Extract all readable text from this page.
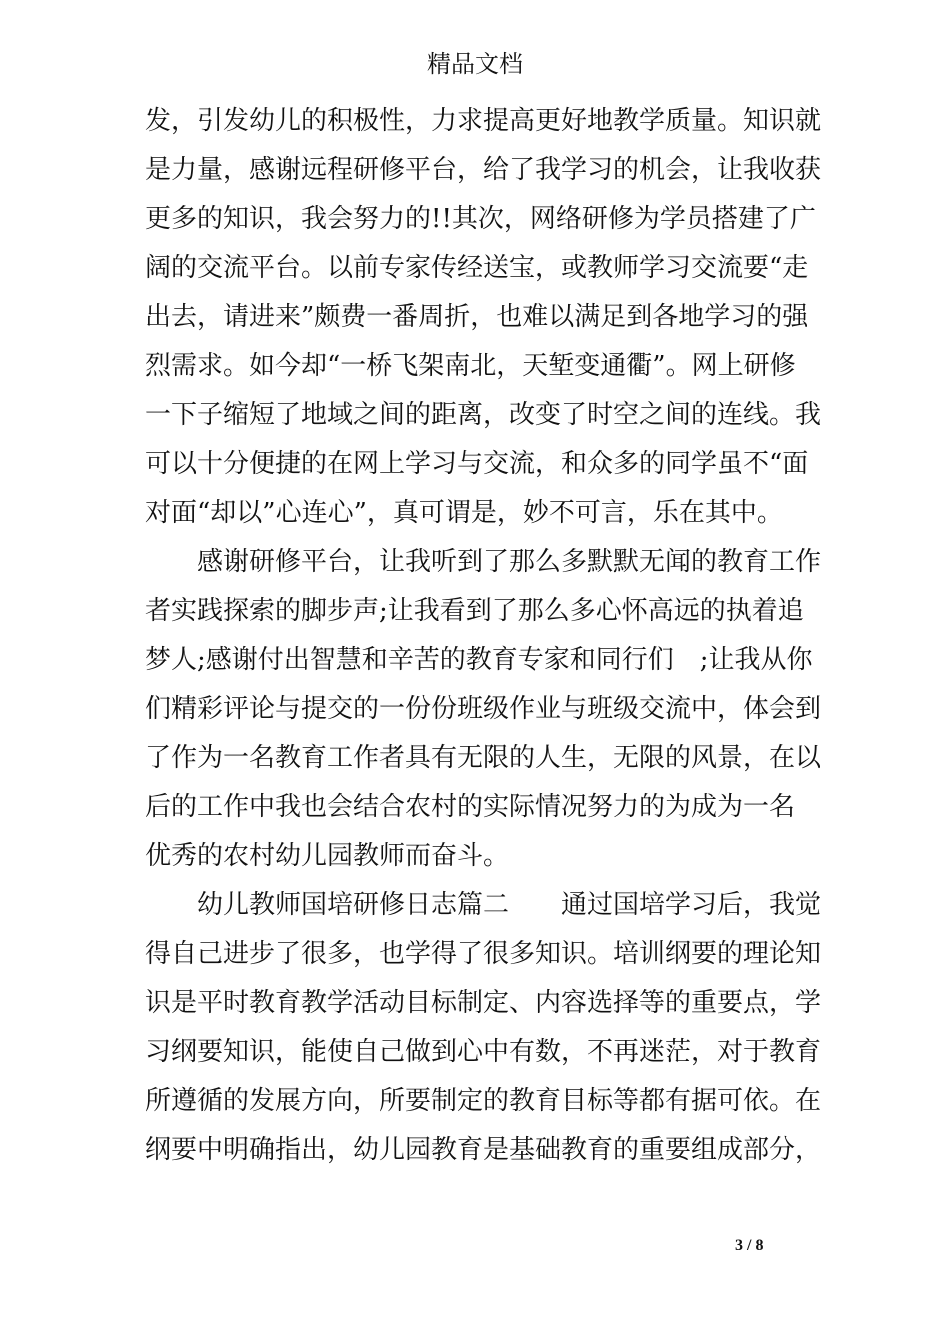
精品文档
发，引发幼儿的积极性，力求提高更好地教学质量。知识就
是力量，感谢远程研修平台，给了我学习的机会，让我收获
更多的知识，我会努力的!!其次，网络研修为学员搭建了广
阔的交流平台。以前专家传经送宝，或教师学习交流要“走
出去，请进来”颇费一番周折，也难以满足到各地学习的强
烈需求。如今却“一桥飞架南北，天堑变通衢”。网上研修
一下子缩短了地域之间的距离，改变了时空之间的连线。我
可以十分便捷的在网上学习与交流，和众多的同学虽不“面
对面“却以”心连心”，真可谓是，妙不可言，乐在其中。
　　感谢研修平台，让我听到了那么多默默无闻的教育工作
者实践探索的脚步声;让我看到了那么多心怀高远的执着追
梦人;感谢付出智慧和辛苦的教育专家和同行们　;让我从你
们精彩评论与提交的一份份班级作业与班级交流中，体会到
了作为一名教育工作者具有无限的人生，无限的风景，在以
后的工作中我也会结合农村的实际情况努力的为成为一名
优秀的农村幼儿园教师而奋斗。
　　幼儿教师国培研修日志篇二　　通过国培学习后，我觉
得自己进步了很多，也学得了很多知识。培训纲要的理论知
识是平时教育教学活动目标制定、内容选择等的重要点，学
习纲要知识，能使自己做到心中有数，不再迷茫，对于教育
所遵循的发展方向，所要制定的教育目标等都有据可依。在
纲要中明确指出，幼儿园教育是基础教育的重要组成部分，
3 / 8
